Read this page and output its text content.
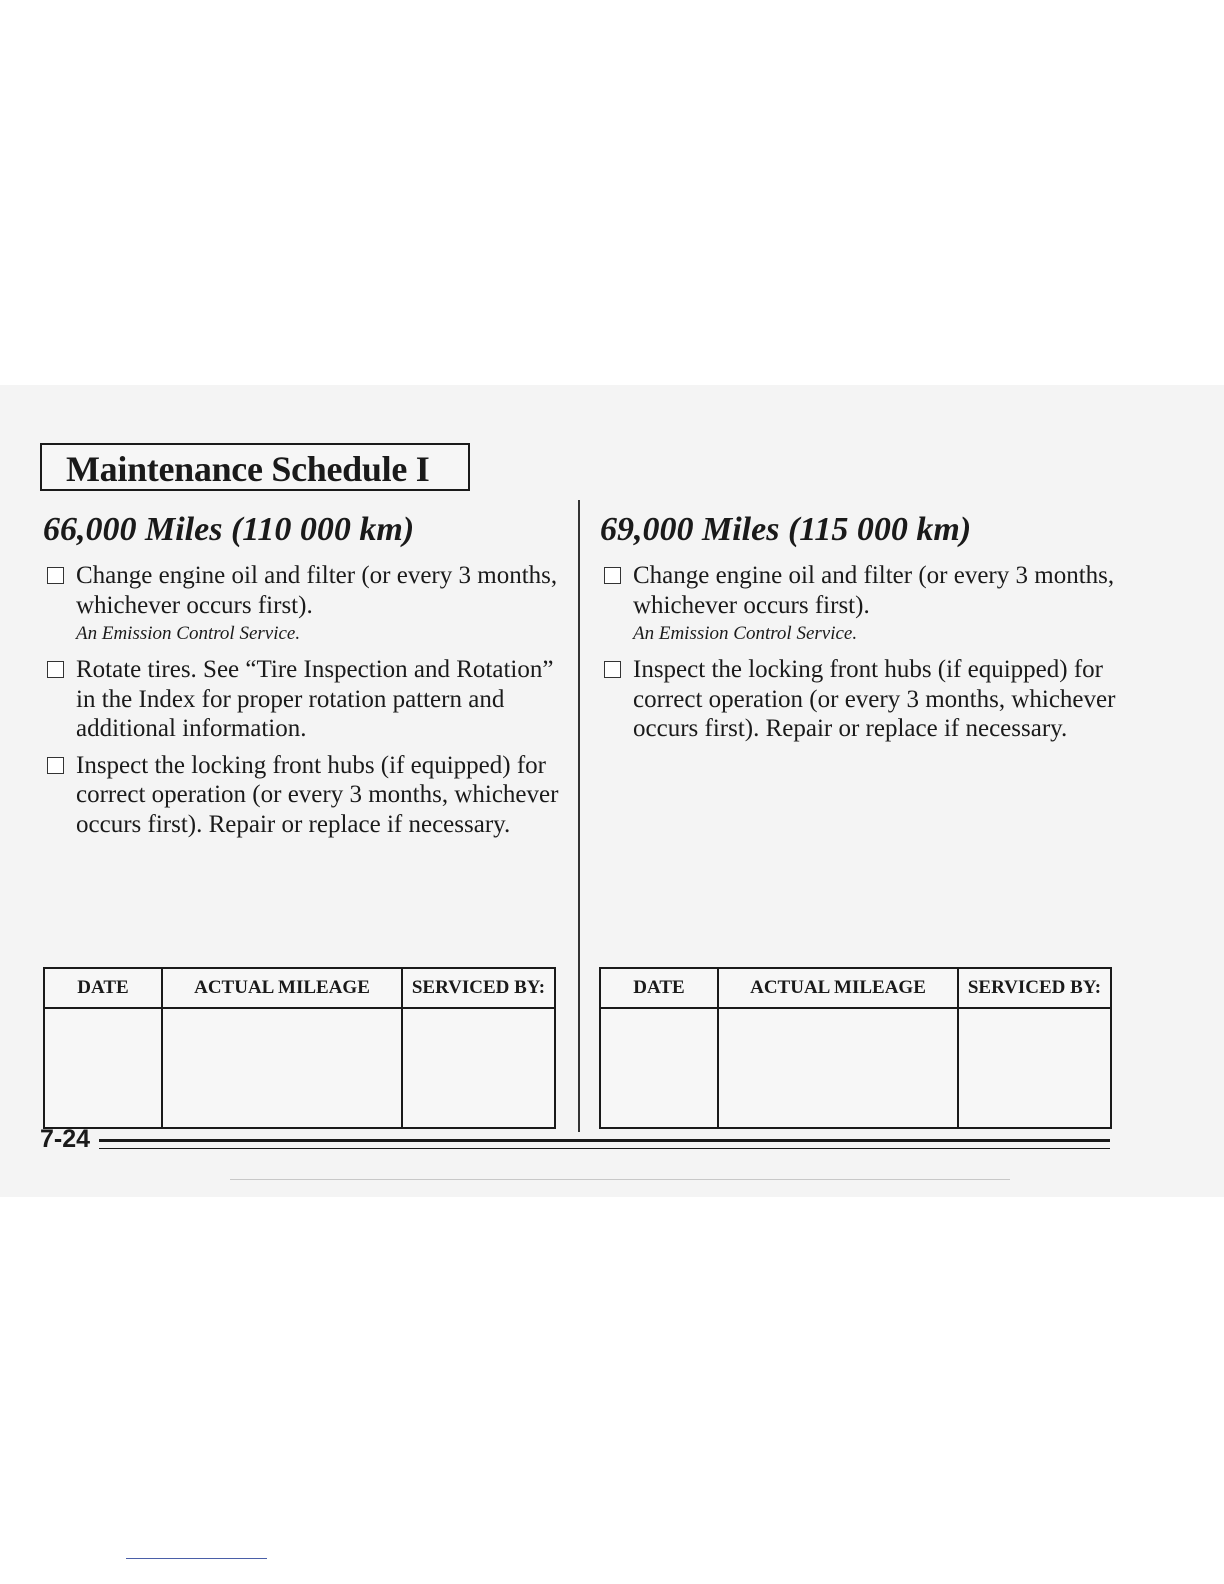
Maintenance Schedule I
66,000 Miles (110 000 km)
Change engine oil and filter (or every 3 months, whichever occurs first).
An Emission Control Service.
Rotate tires. See “Tire Inspection and Rotation” in the Index for proper rotation pattern and additional information.
Inspect the locking front hubs (if equipped) for correct operation (or every 3 months, whichever occurs first). Repair or replace if necessary.
69,000 Miles (115 000 km)
Change engine oil and filter (or every 3 months, whichever occurs first).
An Emission Control Service.
Inspect the locking front hubs (if equipped) for correct operation (or every 3 months, whichever occurs first). Repair or replace if necessary.
DATE	ACTUAL MILEAGE	SERVICED BY:
			DATE	ACTUAL MILEAGE	SERVICED BY:

7-24
